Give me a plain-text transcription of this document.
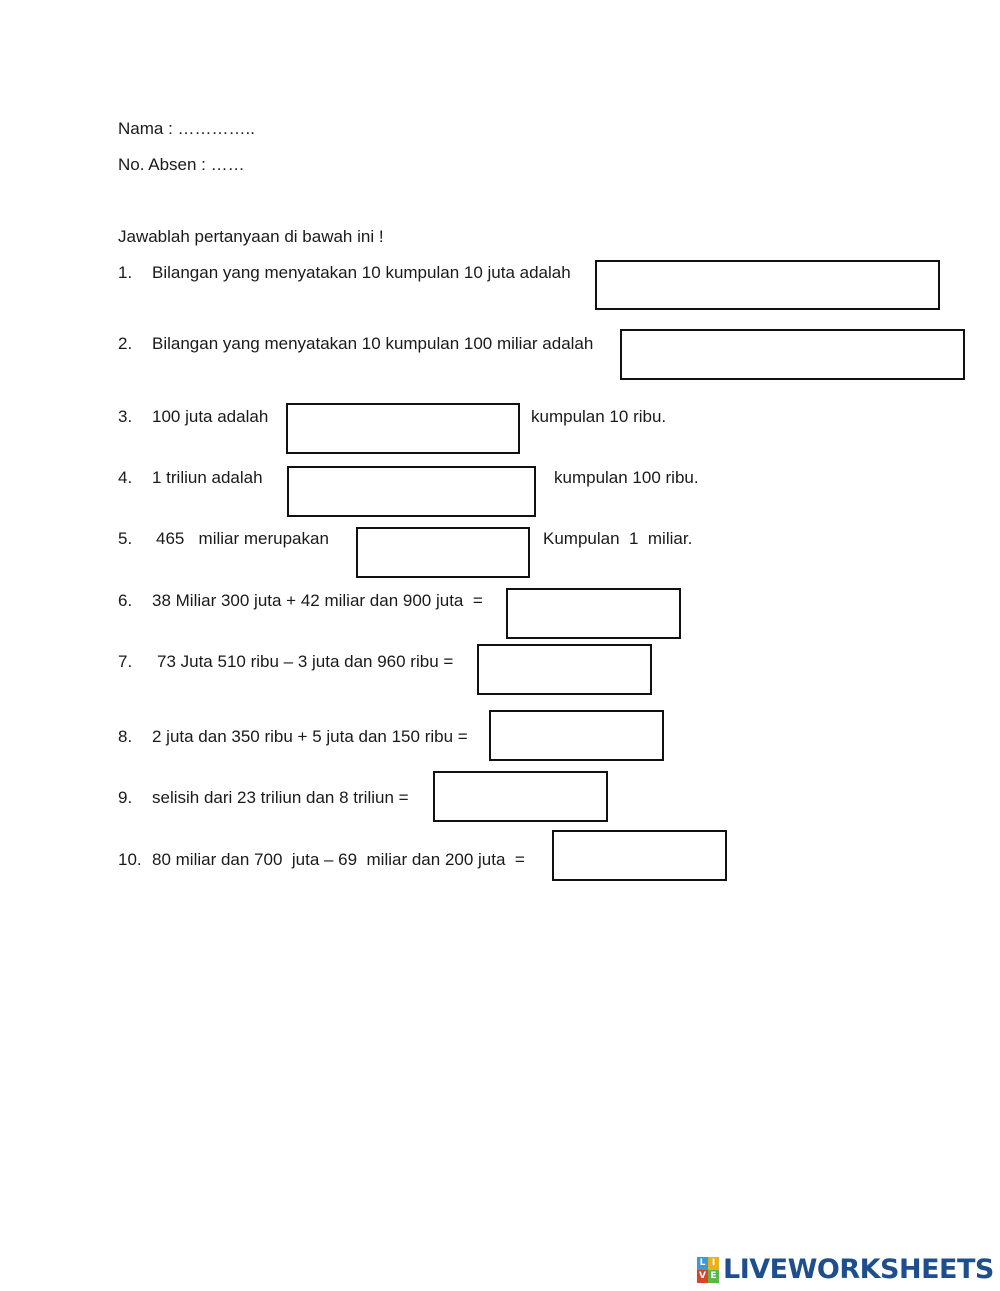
Nama : …………..
No. Absen : ……
Jawablah pertanyaan di bawah ini !
1. Bilangan yang menyatakan 10 kumpulan 10 juta adalah
2. Bilangan yang menyatakan 10 kumpulan 100 miliar adalah
3. 100 juta adalah	kumpulan 10 ribu.
4. 1 triliun adalah	kumpulan 100 ribu.
5. 465   miliar merupakan	Kumpulan  1  miliar.
6. 38 Miliar 300 juta + 42 miliar dan 900 juta  =
7. 73 Juta 510 ribu – 3 juta dan 960 ribu =
8. 2 juta dan 350 ribu + 5 juta dan 150 ribu =
9. selisih dari 23 triliun dan 8 triliun =
10. 80 miliar dan 700  juta – 69  miliar dan 200 juta  =
L I
V E LIVEWORKSHEETS
